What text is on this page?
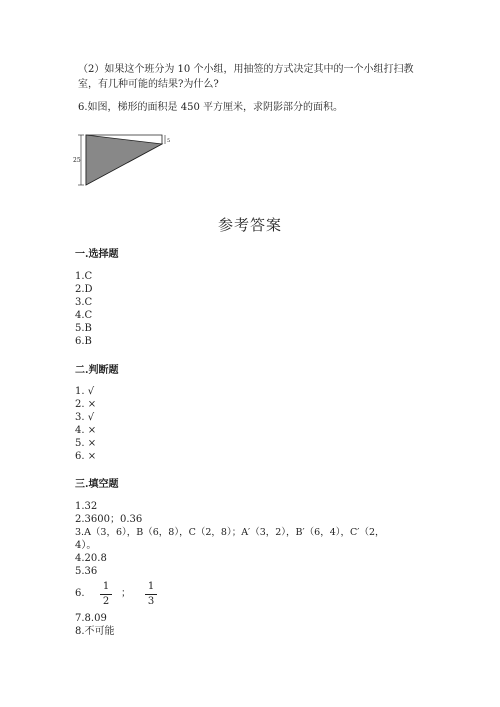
（2）如果这个班分为 10 个小组，用抽签的方式决定其中的一个小组打扫教
室，有几种可能的结果?为什么?
6.如图，梯形的面积是 450 平方厘米，求阴影部分的面积。
25
5
参考答案
一.选择题
1.C
2.D
3.C
4.C
5.B
6.B
二.判断题
1. √
2. ×
3. √
4. ×
5. ×
6. ×
三.填空题
1.32
2.3600；0.36
3.A（3，6），B（6，8），C（2，8）；A′（3，2），B′（6，4），C′（2，
4）。
4.20.8
5.36
6.
1
2
；
1
3
7.8.09
8.不可能
